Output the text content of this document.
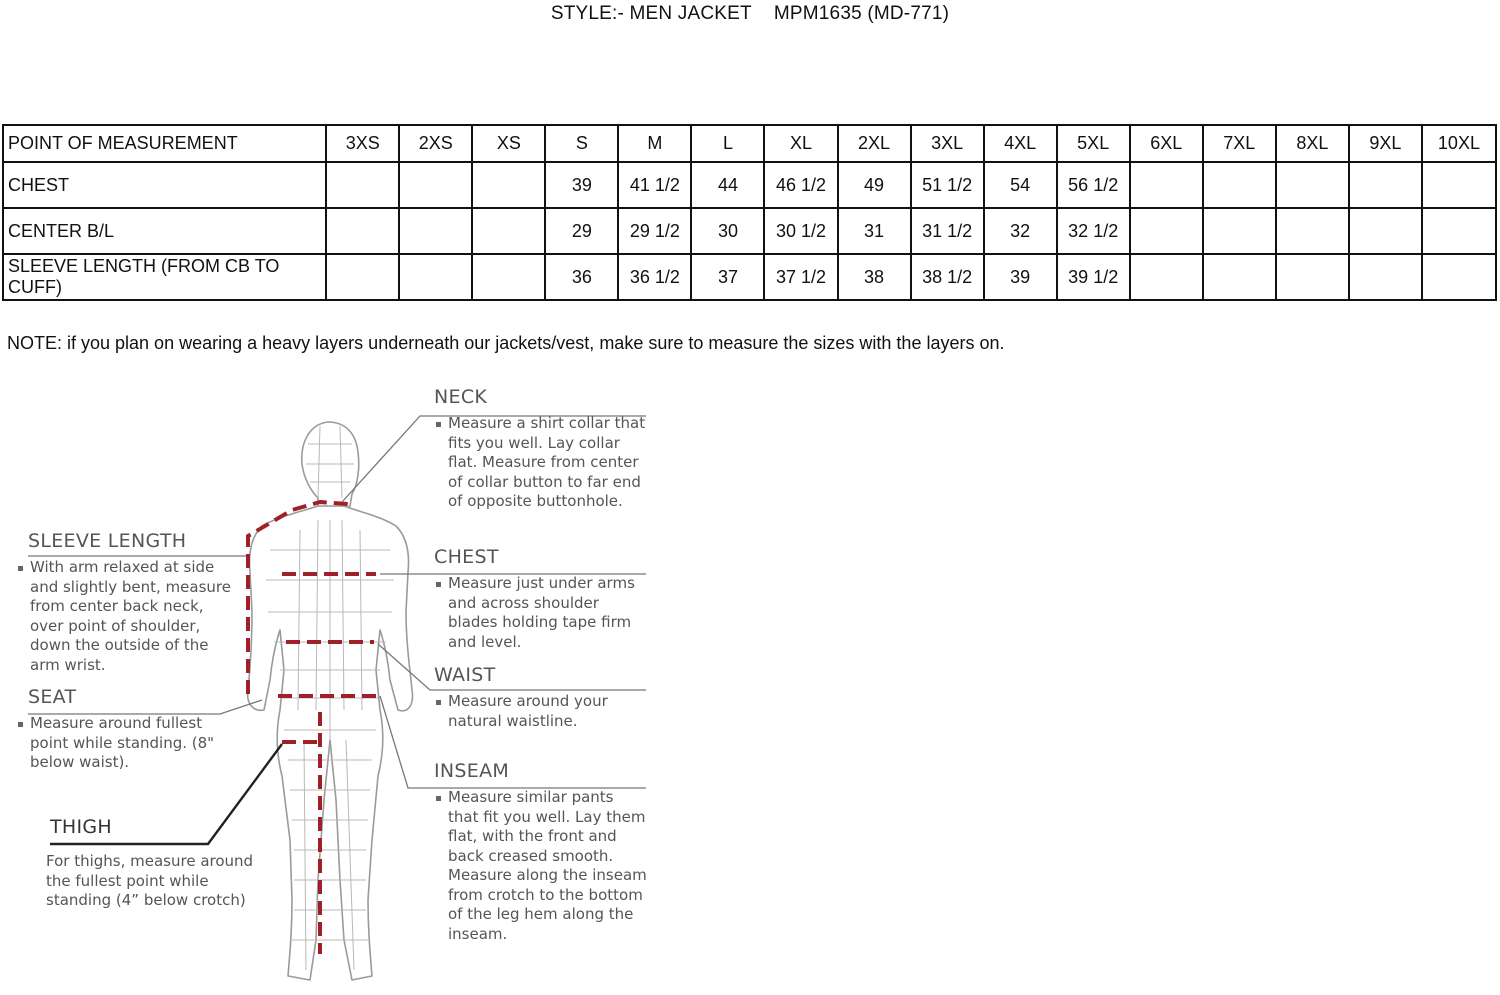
STYLE:- MEN JACKET MPM1635 (MD-771)
POINT OF MEASUREMENT	3XS	2XS	XS	S	M	L	XL	2XL	3XL	4XL	5XL	6XL	7XL	8XL	9XL	10XL
CHEST				39	41 1/2	44	46 1/2	49	51 1/2	54	56 1/2					
CENTER B/L				29	29 1/2	30	30 1/2	31	31 1/2	32	32 1/2					
SLEEVE LENGTH (FROM CB TO CUFF)				36	36 1/2	37	37 1/2	38	38 1/2	39	39 1/2					
NOTE: if you plan on wearing a heavy layers underneath our jackets/vest, make sure to measure the sizes with the layers on.
NECK
Measure a shirt collar that fits you well. Lay collar flat. Measure from center of collar button to far end of opposite buttonhole.
CHEST
Measure just under arms and across shoulder blades holding tape firm and level.
WAIST
Measure around your natural waistline.
INSEAM
Measure similar pants that fit you well. Lay them flat, with the front and back creased smooth. Measure along the inseam from crotch to the bottom of the leg hem along the inseam.
SLEEVE LENGTH
With arm relaxed at side and slightly bent, measure from center back neck, over point of shoulder, down the outside of the arm wrist.
SEAT
Measure around fullest point while standing. (8" below waist).
THIGH
For thighs, measure around the fullest point while standing (4” below crotch)
